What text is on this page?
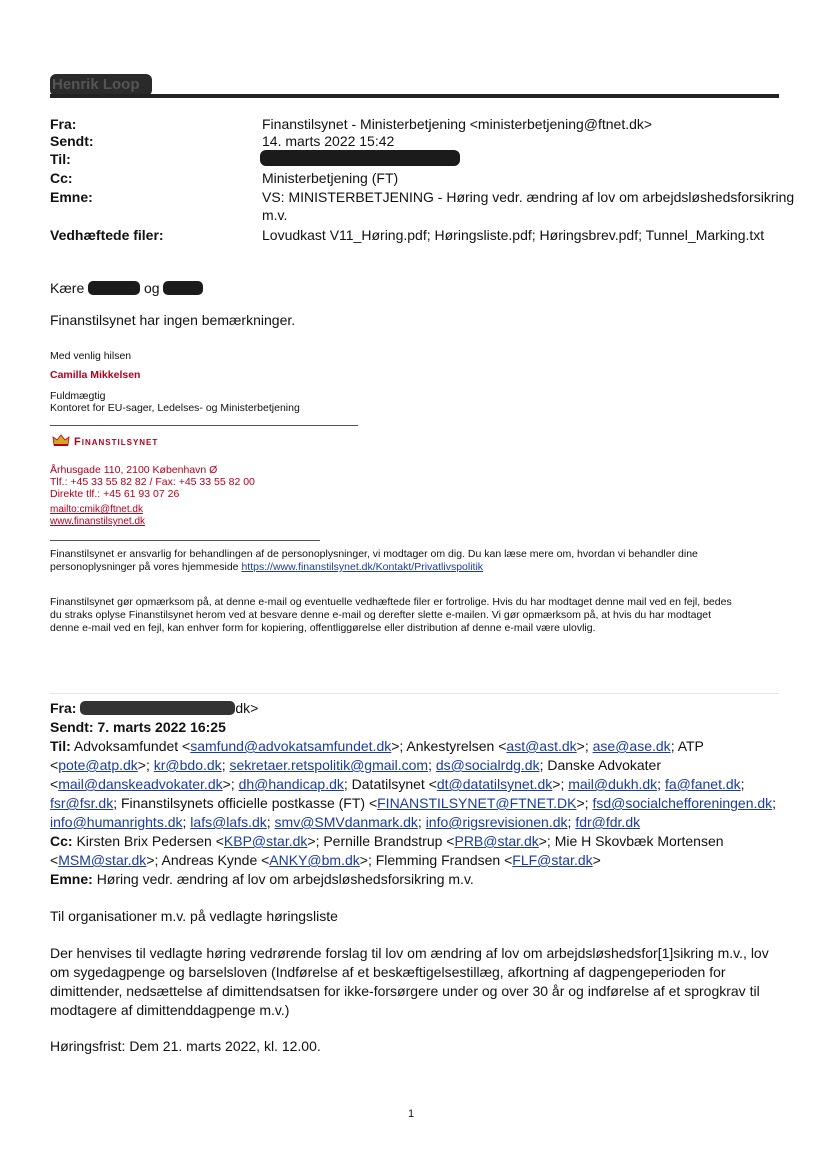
Henrik Loop
Fra:	Finanstilsynet - Ministerbetjening <ministerbetjening@ftnet.dk>
Sendt:	14. marts 2022 15:42
Til:
Cc:	Ministerbetjening (FT)
Emne:	VS: MINISTERBETJENING - Høring vedr. ændring af lov om arbejdsløshedsforsikring
m.v.
Vedhæftede filer:	Lovudkast V11_Høring.pdf; Høringsliste.pdf; Høringsbrev.pdf; Tunnel_Marking.txt
Kære	og
Finanstilsynet har ingen bemærkninger.
Med venlig hilsen
Camilla Mikkelsen
Fuldmægtig
Kontoret for EU-sager, Ledelses- og Ministerbetjening
Finanstilsynet
Århusgade 110, 2100 København Ø
Tlf.: +45 33 55 82 82 / Fax: +45 33 55 82 00
Direkte tlf.: +45 61 93 07 26
mailto:cmik@ftnet.dk
www.finanstilsynet.dk
Finanstilsynet er ansvarlig for behandlingen af de personoplysninger, vi modtager om dig. Du kan læse mere om, hvordan vi behandler dine
personoplysninger på vores hjemmeside https://www.finanstilsynet.dk/Kontakt/Privatlivspolitik
Finanstilsynet gør opmærksom på, at denne e-mail og eventuelle vedhæftede filer er fortrolige. Hvis du har modtaget denne mail ved en fejl, bedes
du straks oplyse Finanstilsynet herom ved at besvare denne e-mail og derefter slette e-mailen. Vi gør opmærksom på, at hvis du har modtaget
denne e-mail ved en fejl, kan enhver form for kopiering, offentliggørelse eller distribution af denne e-mail være ulovlig.
Fra:	dk>
Sendt: 7. marts 2022 16:25
Til: Advoksamfundet <samfund@advokatsamfundet.dk>; Ankestyrelsen <ast@ast.dk>; ase@ase.dk; ATP
<pote@atp.dk>; kr@bdo.dk; sekretaer.retspolitik@gmail.com; ds@socialrdg.dk; Danske Advokater
<mail@danskeadvokater.dk>; dh@handicap.dk; Datatilsynet <dt@datatilsynet.dk>; mail@dukh.dk; fa@fanet.dk;
fsr@fsr.dk; Finanstilsynets officielle postkasse (FT) <FINANSTILSYNET@FTNET.DK>; fsd@socialchefforeningen.dk;
info@humanrights.dk; lafs@lafs.dk; smv@SMVdanmark.dk; info@rigsrevisionen.dk; fdr@fdr.dk
Cc: Kirsten Brix Pedersen <KBP@star.dk>; Pernille Brandstrup <PRB@star.dk>; Mie H Skovbæk Mortensen
<MSM@star.dk>; Andreas Kynde <ANKY@bm.dk>; Flemming Frandsen <FLF@star.dk>
Emne: Høring vedr. ændring af lov om arbejdsløshedsforsikring m.v.
Til organisationer m.v. på vedlagte høringsliste
Der henvises til vedlagte høring vedrørende forslag til lov om ændring af lov om arbejdsløshedsfor[1]sikring m.v., lov
om sygedagpenge og barselsloven (Indførelse af et beskæftigelsestillæg, afkortning af dagpengeperioden for
dimittender, nedsættelse af dimittendsatsen for ikke-forsørgere under og over 30 år og indførelse af et sprogkrav til
modtagere af dimittenddagpenge m.v.)
Høringsfrist: Dem 21. marts 2022, kl. 12.00.
1
